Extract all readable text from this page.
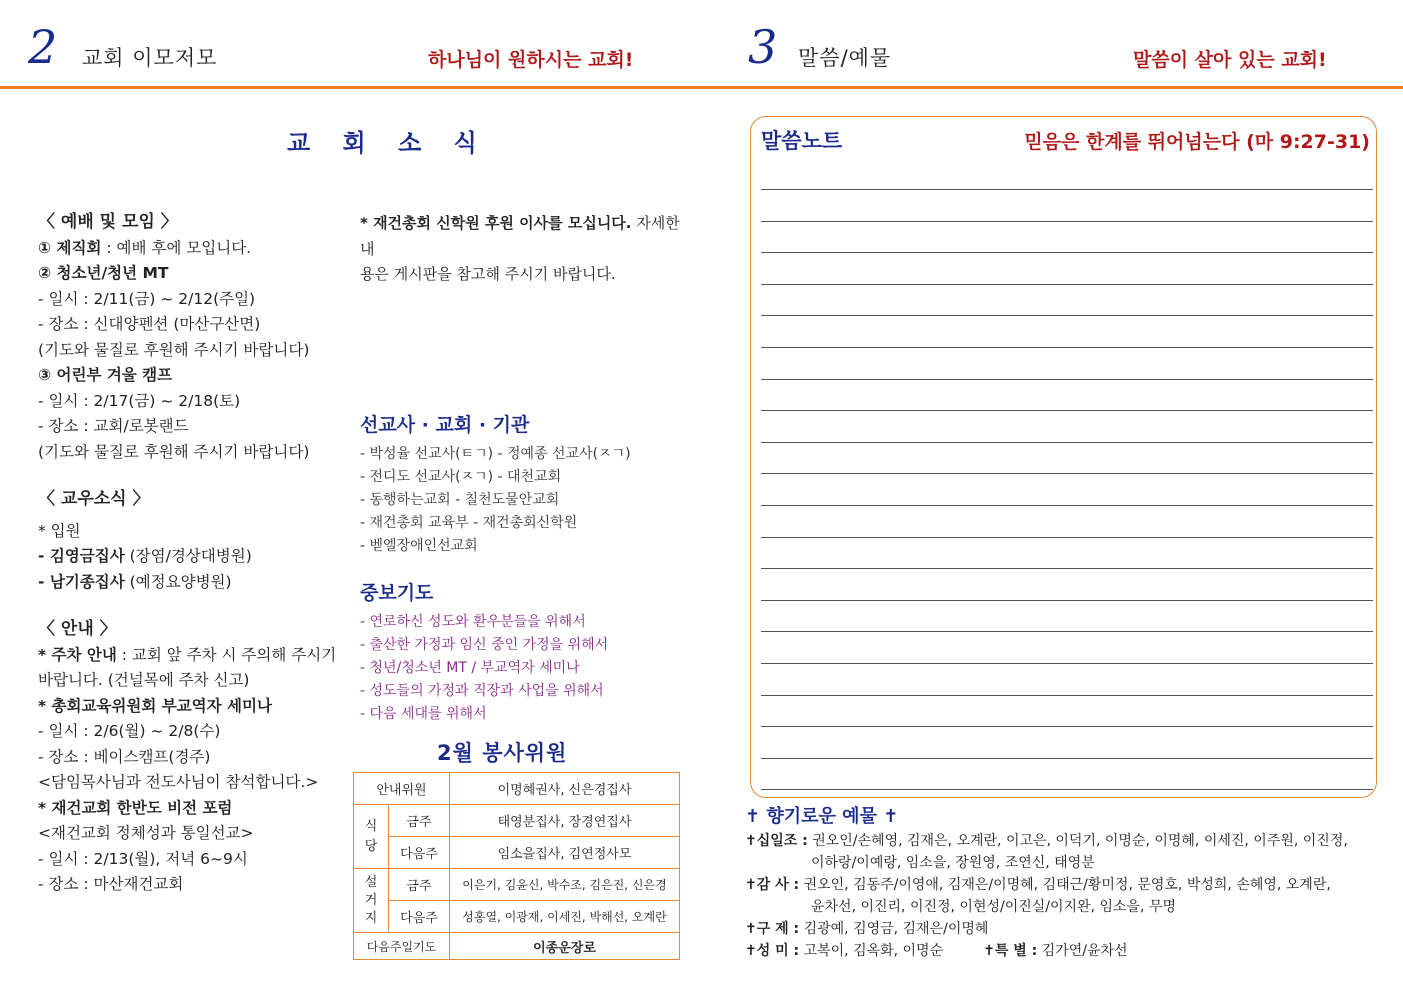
2 교회 이모저모	하나님이 원하시는 교회! 3 말씀/예물	말씀이 살아 있는 교회!
교 회 소 식

〈 예배 및 모임 〉

① 제직회 : 예배 후에 모입니다.

② 청소년/청년 MT

- 일시 : 2/11(금) ~ 2/12(주일)

- 장소 : 신대양펜션 (마산구산면)

(기도와 물질로 후원해 주시기 바랍니다)

③ 어린부 겨울 캠프

- 일시 : 2/17(금) ~ 2/18(토)

- 장소 : 교회/로봇랜드

(기도와 물질로 후원해 주시기 바랍니다)

〈 교우소식 〉

* 입원

- 김영금집사 (장염/경상대병원)

- 남기종집사 (예정요양병원)

〈 안내 〉

* 주차 안내 : 교회 앞 주차 시 주의해 주시기

바랍니다. (건널목에 주차 신고)

* 총회교육위원회 부교역자 세미나

- 일시 : 2/6(월) ~ 2/8(수)

- 장소 : 베이스캠프(경주)

<담임목사님과 전도사님이 참석합니다.>

* 재건교회 한반도 비전 포럼

<재건교회 정체성과 통일선교>

- 일시 : 2/13(월), 저녁 6~9시

- 장소 : 마산재건교회

* 재건총회 신학원 후원 이사를 모십니다. 자세한 내

용은 게시판을 참고해 주시기 바랍니다.

선교사 · 교회 · 기관
- 박성율 선교사(ㅌㄱ) - 정예종 선교사(ㅈㄱ)
- 전디도 선교사(ㅈㄱ) - 대천교회
- 동행하는교회 - 칠천도물안교회
- 재건총회 교육부 - 재건총회신학원
- 벧엘장애인선교회
중보기도
- 연로하신 성도와 환우분들을 위해서
- 출산한 가정과 임신 중인 가정을 위해서
- 청년/청소년 MT / 부교역자 세미나
- 성도들의 가정과 직장과 사업을 위해서
- 다음 세대를 위해서
2월 봉사위원
안내위원		이명혜권사, 신은경집사
식
당	금주	태영분집사, 장경연집사
	다음주	임소을집사, 김연정사모
설
거
지	금주	이은기, 김윤신, 박수조, 김은진, 신은경
	다음주	성홍열, 이광재, 이세진, 박해선, 오계란
다음주일기도		이종운장로
말씀노트	믿음은 한계를 뛰어넘는다 (마 9:27-31)
✝ 향기로운 예물 ✝
✝십일조 : 권오인/손혜영, 김재은, 오계란, 이고은, 이덕기, 이명순, 이명혜, 이세진, 이주원, 이진정,
이하랑/이예랑, 임소을, 장원영, 조연신, 태영분
✝감 사 : 권오인, 김동주/이영애, 김재은/이명혜, 김태근/황미정, 문영호, 박성희, 손혜영, 오계란,
윤차선, 이진리, 이진정, 이현성/이진실/이지완, 임소을, 무명
✝구 제 : 김광예, 김영금, 김재은/이명혜
✝성 미 : 고복이, 김옥화, 이명순	✝특 별 : 김가연/윤차선
